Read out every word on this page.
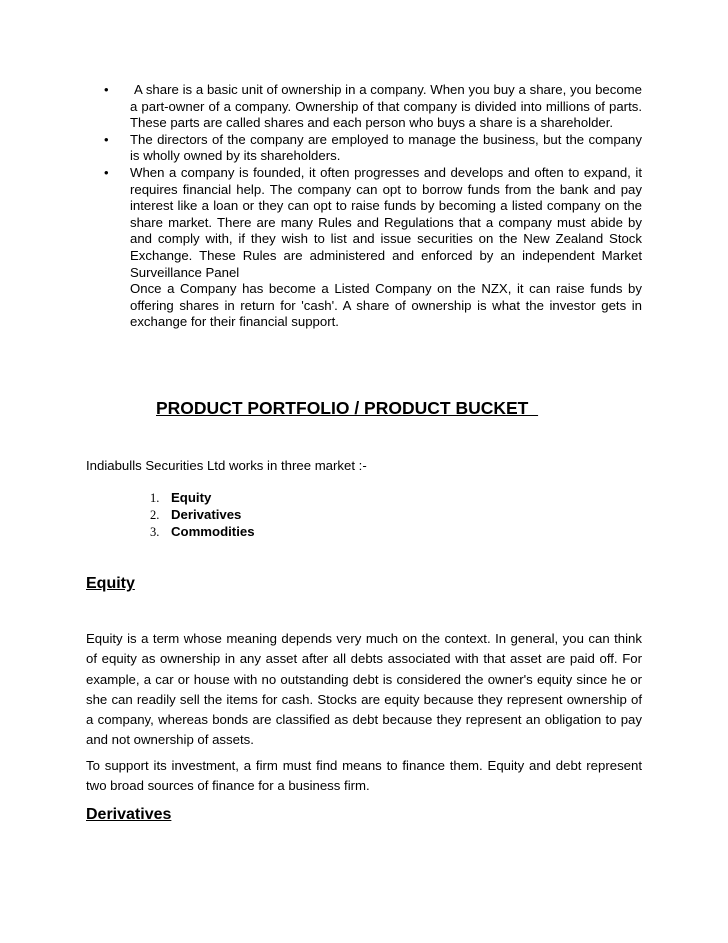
• A share is a basic unit of ownership in a company. When you buy a share, you become a part-owner of a company. Ownership of that company is divided into millions of parts. These parts are called shares and each person who buys a share is a shareholder.
• The directors of the company are employed to manage the business, but the company is wholly owned by its shareholders.
• When a company is founded, it often progresses and develops and often to expand, it requires financial help. The company can opt to borrow funds from the bank and pay interest like a loan or they can opt to raise funds by becoming a listed company on the share market. There are many Rules and Regulations that a company must abide by and comply with, if they wish to list and issue securities on the New Zealand Stock Exchange. These Rules are administered and enforced by an independent Market Surveillance Panel
Once a Company has become a Listed Company on the NZX, it can raise funds by offering shares in return for 'cash'. A share of ownership is what the investor gets in exchange for their financial support.
PRODUCT PORTFOLIO / PRODUCT BUCKET
Indiabulls Securities Ltd works in three market :-
1. Equity
2. Derivatives
3. Commodities
Equity

Equity is a term whose meaning depends very much on the context. In general, you can think of equity as ownership in any asset after all debts associated with that asset are paid off. For example, a car or house with no outstanding debt is considered the owner's equity since he or she can readily sell the items for cash. Stocks are equity because they represent ownership of a company, whereas bonds are classified as debt because they represent an obligation to pay and not ownership of assets.

To support its investment, a firm must find means to finance them. Equity and debt represent two broad sources of finance for a business firm.

Derivatives
